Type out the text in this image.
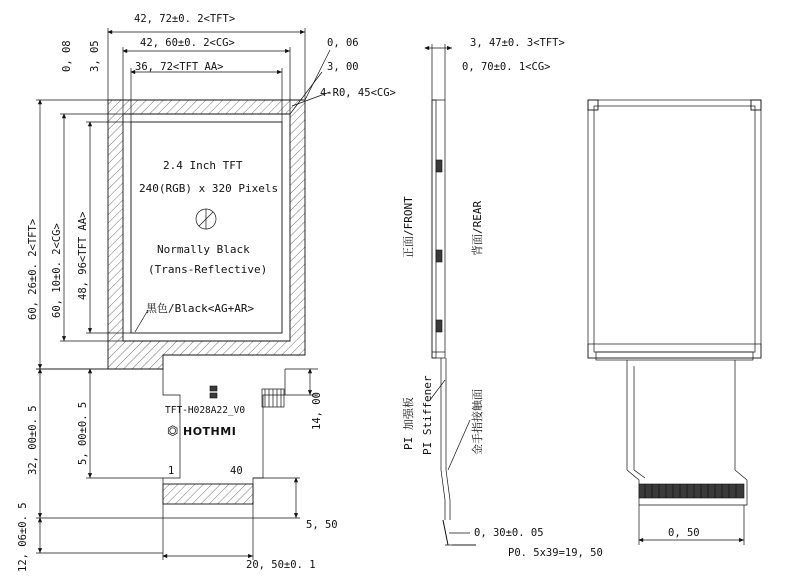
42, 72±0. 2<TFT>
42, 60±0. 2<CG>
36, 72<TFT AA>
0, 06
3, 00
4-R0, 45<CG>
3, 47±0. 3<TFT>
0, 70±0. 1<CG>
0, 08 3, 05
60, 26±0. 2<TFT> 60, 10±0. 2<CG> 48, 96<TFT AA>
32, 00±0. 5	5, 00±0. 5
12, 06±0. 5
14, 00
5, 50
20, 50±0. 1
0, 30±0. 05	0, 50
P0. 5x39=19, 50
2.4 Inch TFT
240(RGB) x 320 Pixels
Normally Black
(Trans-Reflective)
黑色/Black<AG+AR>
TFT-H028A22_V0
HOTHMI
⏣
1	40
正面/FRONT	背面/REAR
PI 加强板 PI Stiffener	金手指接触面
